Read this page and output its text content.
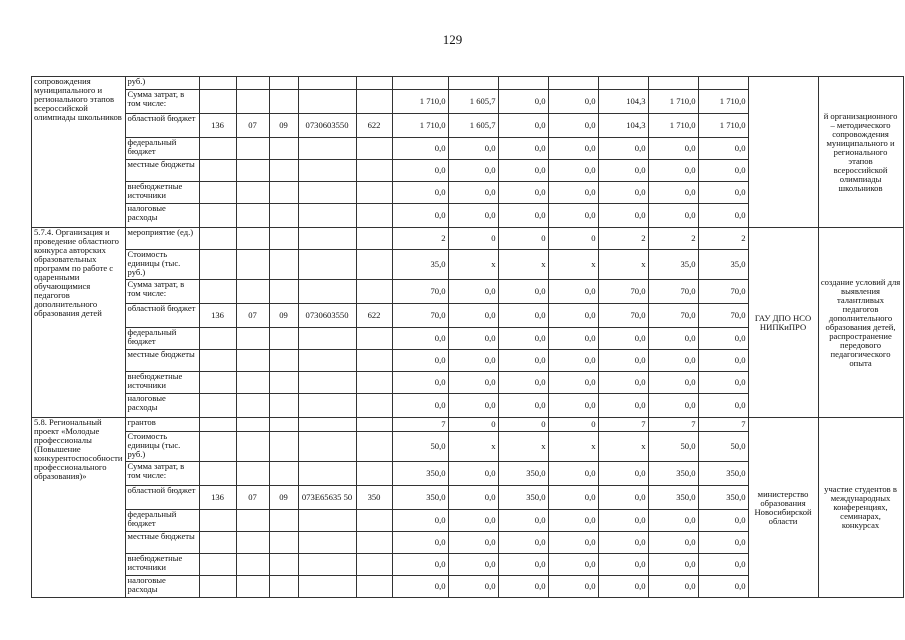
129
сопровождения муниципального и регионального этапов всероссийской олимпиады школьников	руб.)														й организационного – методического сопровождения муниципального и регионального этапов всероссийской олимпиады школьников
	Сумма затрат, в том числе:						1 710,0	1 605,7	0,0	0,0	104,3	1 710,0	1 710,0		
	областной бюджет	136	07	09	0730603550	622	1 710,0	1 605,7	0,0	0,0	104,3	1 710,0	1 710,0		
	федеральный бюджет						0,0	0,0	0,0	0,0	0,0	0,0	0,0		
	местные бюджеты						0,0	0,0	0,0	0,0	0,0	0,0	0,0		
	внебюджетные источники						0,0	0,0	0,0	0,0	0,0	0,0	0,0		
	налоговые расходы						0,0	0,0	0,0	0,0	0,0	0,0	0,0		
5.7.4. Организация и проведение областного конкурса авторских образовательных программ по работе с одаренными обучающимися педагогов дополнительного образования детей	мероприятие (ед.)						2	0	0	0	2	2	2	ГАУ ДПО НСО НИПКиПРО	создание условий для выявления талантливых педагогов дополнительного образования детей, распространение передового педагогического опыта
	Стоимость единицы (тыс. руб.)						35,0	х	х	х	х	35,0	35,0		
	Сумма затрат, в том числе:						70,0	0,0	0,0	0,0	70,0	70,0	70,0		
	областной бюджет	136	07	09	0730603550	622	70,0	0,0	0,0	0,0	70,0	70,0	70,0		
	федеральный бюджет						0,0	0,0	0,0	0,0	0,0	0,0	0,0		
	местные бюджеты						0,0	0,0	0,0	0,0	0,0	0,0	0,0		
	внебюджетные источники						0,0	0,0	0,0	0,0	0,0	0,0	0,0		
	налоговые расходы						0,0	0,0	0,0	0,0	0,0	0,0	0,0		
5.8. Региональный проект «Молодые профессионалы (Повышение конкурентоспособности профессионального образования)»	грантов						7	0	0	0	7	7	7	министерство образования Новосибирской области	участие студентов в международных конференциях, семинарах, конкурсах
	Стоимость единицы (тыс. руб.)						50,0	х	х	х	х	50,0	50,0		
	Сумма затрат, в том числе:						350,0	0,0	350,0	0,0	0,0	350,0	350,0		
	областной бюджет	136	07	09	073Е65635 50	350	350,0	0,0	350,0	0,0	0,0	350,0	350,0		
	федеральный бюджет						0,0	0,0	0,0	0,0	0,0	0,0	0,0		
	местные бюджеты						0,0	0,0	0,0	0,0	0,0	0,0	0,0		
	внебюджетные источники						0,0	0,0	0,0	0,0	0,0	0,0	0,0		
	налоговые расходы						0,0	0,0	0,0	0,0	0,0	0,0	0,0		
